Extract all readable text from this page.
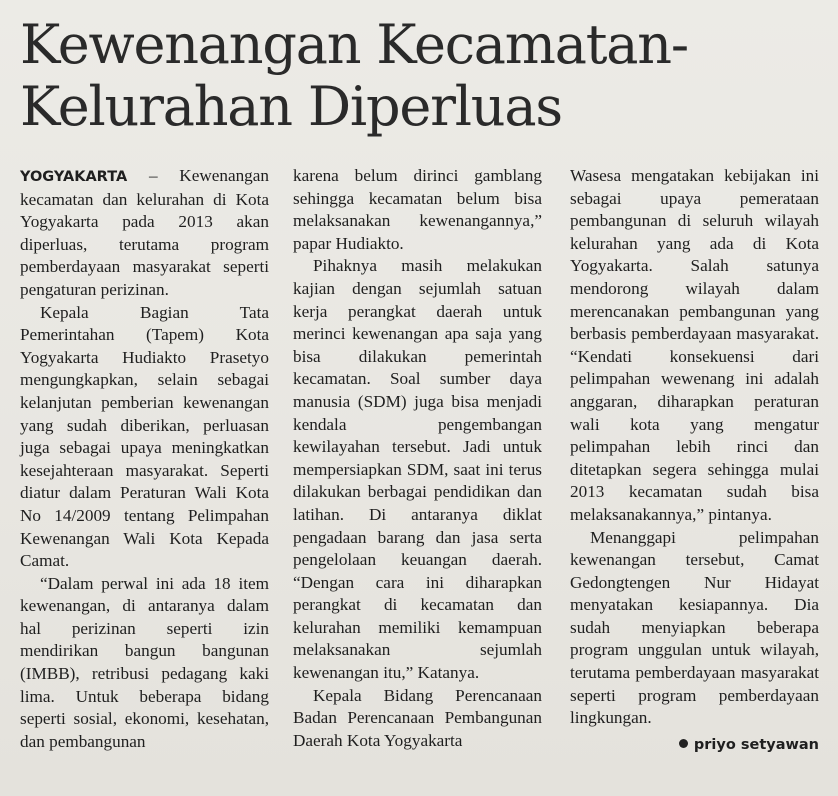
Kewenangan Kecamatan-
Kelurahan Diperluas

YOGYAKARTA – Kewenangan kecamatan dan kelurahan di Kota Yogyakarta pada 2013 akan diperluas, terutama program pemberdayaan masyarakat seperti pengaturan perizinan.

Kepala Bagian Tata Pemerintahan (Tapem) Kota Yogyakarta Hudiakto Prasetyo mengungkapkan, selain sebagai kelanjutan pemberian kewenangan yang sudah diberikan, perluasan juga sebagai upaya meningkatkan kesejahteraan masyarakat. Seperti diatur dalam Peraturan Wali Kota No 14/2009 tentang Pelimpahan Kewenangan Wali Kota Kepada Camat.

“Dalam perwal ini ada 18 item kewenangan, di antaranya dalam hal perizinan seperti izin mendirikan bangun bangunan (IMBB), retribusi pedagang kaki lima. Untuk beberapa bidang seperti sosial, ekonomi, kesehatan, dan pembangunan

karena belum dirinci gamblang sehingga kecamatan belum bisa melaksanakan kewenangannya,” papar Hudiakto.

Pihaknya masih melakukan kajian dengan sejumlah satuan kerja perangkat daerah untuk merinci kewenangan apa saja yang bisa dilakukan pemerintah kecamatan. Soal sumber daya manusia (SDM) juga bisa menjadi kendala pengembangan kewilayahan tersebut. Jadi untuk mempersiapkan SDM, saat ini terus dilakukan berbagai pendidikan dan latihan. Di antaranya diklat pengadaan barang dan jasa serta pengelolaan keuangan daerah. “Dengan cara ini diharapkan perangkat di kecamatan dan kelurahan memiliki kemampuan melaksanakan sejumlah kewenangan itu,” Katanya.

Kepala Bidang Perencanaan Badan Perencanaan Pembangunan Daerah Kota Yogyakarta

Wasesa mengatakan kebijakan ini sebagai upaya pemerataan pembangunan di seluruh wilayah kelurahan yang ada di Kota Yogyakarta. Salah satunya mendorong wilayah dalam merencanakan pembangunan yang berbasis pemberdayaan masyarakat. “Kendati konsekuensi dari pelimpahan wewenang ini adalah anggaran, diharapkan peraturan wali kota yang mengatur pelimpahan lebih rinci dan ditetapkan segera sehingga mulai 2013 kecamatan sudah bisa melaksanakannya,” pintanya.

Menanggapi pelimpahan kewenangan tersebut, Camat Gedongtengen Nur Hidayat menyatakan kesiapannya. Dia sudah menyiapkan beberapa program unggulan untuk wilayah, terutama pemberdayaan masyarakat seperti program pemberdayaan lingkungan.

priyo setyawan
